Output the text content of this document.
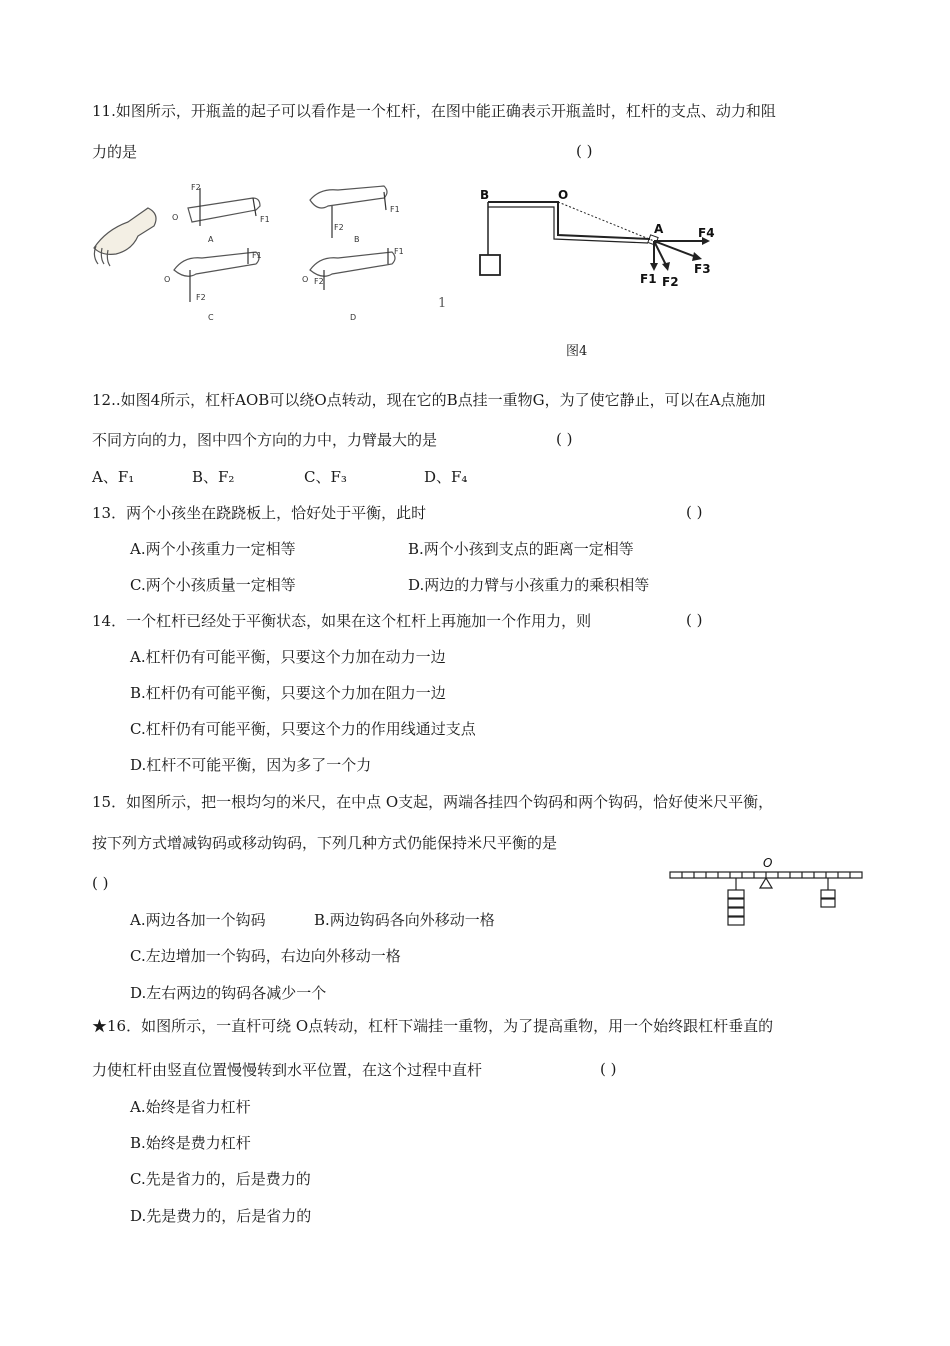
11.如图所示，开瓶盖的起子可以看作是一个杠杆，在图中能正确表示开瓶盖时，杠杆的支点、动力和阻
力的是	( )
O
F2
F1
A
F2
F1
B
O
F2
F1
C
O F2
F1
D
1
B	O
A	F4
F3
F1 F2
图4
12..如图4所示，杠杆AOB可以绕O点转动，现在它的B点挂一重物G，为了使它静止，可以在A点施加
不同方向的力，图中四个方向的力中，力臂最大的是	( )
A、F₁	B、F₂	C、F₃	D、F₄
13．两个小孩坐在跷跷板上，恰好处于平衡，此时	( )
A.两个小孩重力一定相等	B.两个小孩到支点的距离一定相等
C.两个小孩质量一定相等	D.两边的力臂与小孩重力的乘积相等
14．一个杠杆已经处于平衡状态，如果在这个杠杆上再施加一个作用力，则	( )
A.杠杆仍有可能平衡，只要这个力加在动力一边
B.杠杆仍有可能平衡，只要这个力加在阻力一边
C.杠杆仍有可能平衡，只要这个力的作用线通过支点
D.杠杆不可能平衡，因为多了一个力
15．如图所示，把一根均匀的米尺，在中点 O支起，两端各挂四个钩码和两个钩码，恰好使米尺平衡，
按下列方式增减钩码或移动钩码，下列几种方式仍能保持米尺平衡的是
( )
A.两边各加一个钩码	B.两边钩码各向外移动一格
C.左边增加一个钩码，右边向外移动一格
D.左右两边的钩码各减少一个
O
★16．如图所示，一直杆可绕 O点转动，杠杆下端挂一重物，为了提高重物，用一个始终跟杠杆垂直的
力使杠杆由竖直位置慢慢转到水平位置，在这个过程中直杆	( )
A.始终是省力杠杆
B.始终是费力杠杆
C.先是省力的，后是费力的
D.先是费力的，后是省力的
